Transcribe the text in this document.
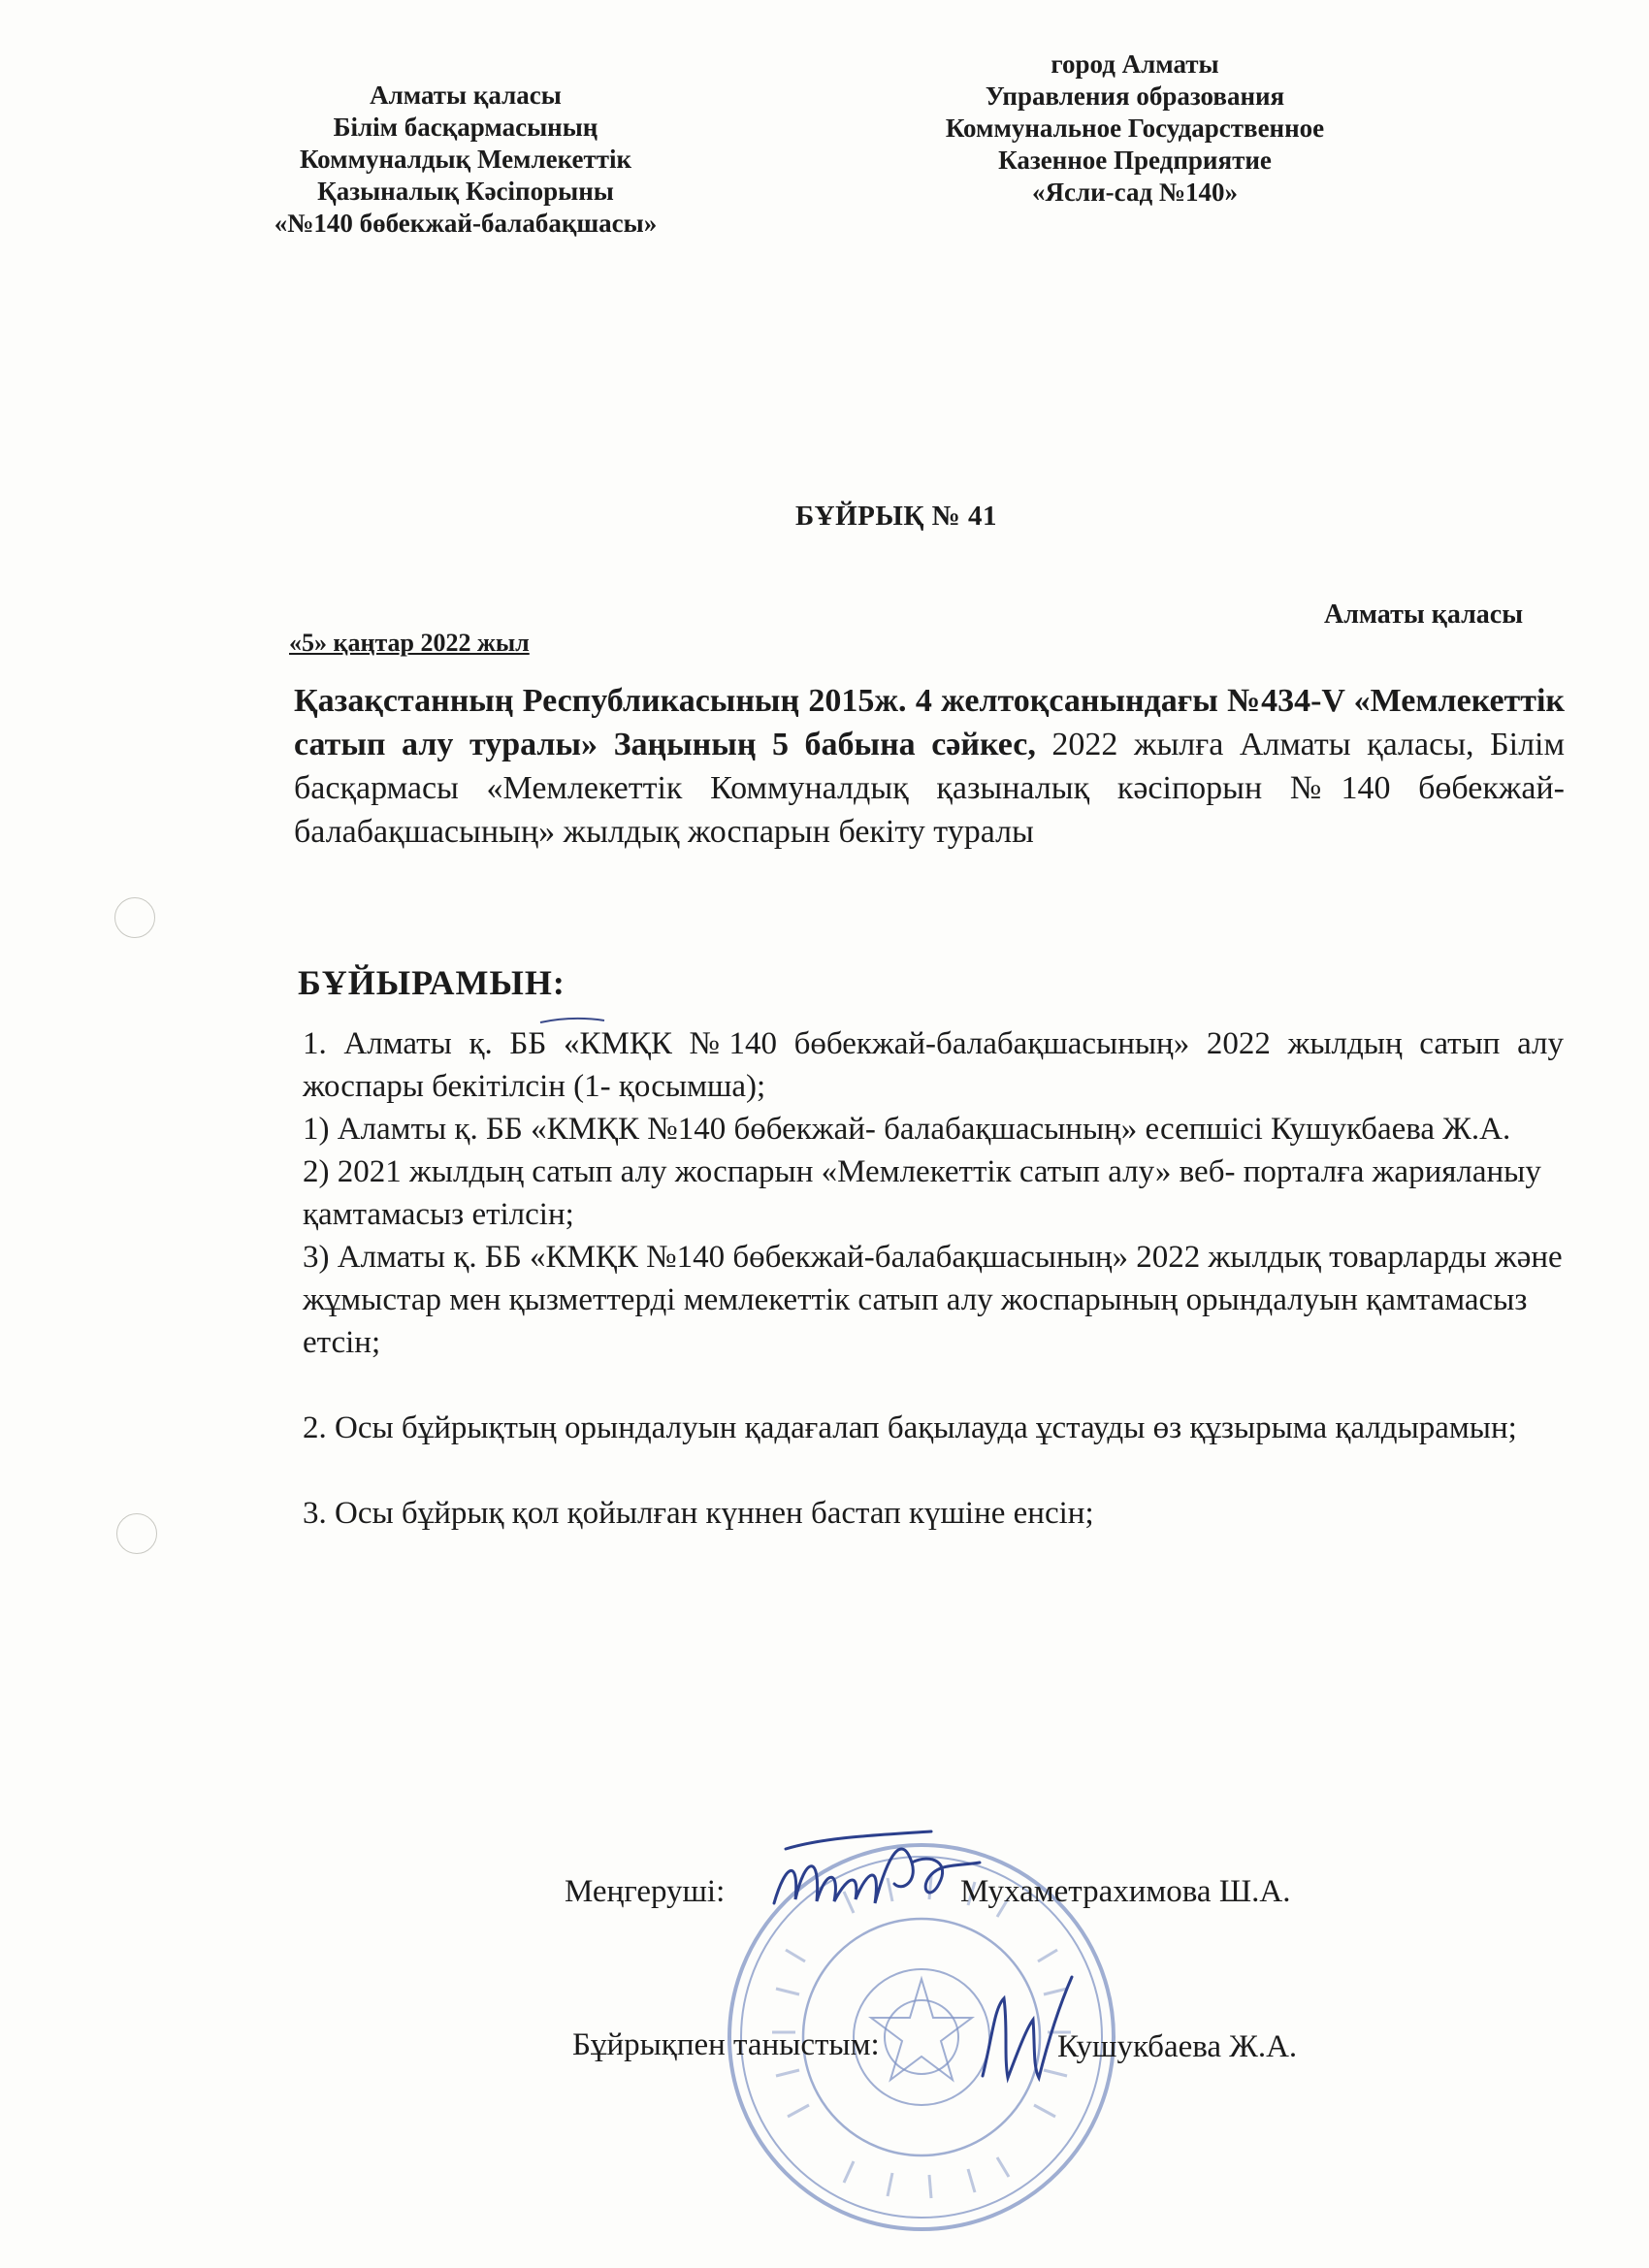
Алматы қаласы
Білім басқармасының
Коммуналдық Мемлекеттік
Қазыналық Кәсіпорыны
«№140 бөбекжай-балабақшасы»
город Алматы
Управления образования
Коммунальное Государственное
Казенное Предприятие
«Ясли-сад №140»
БҰЙРЫҚ № 41
Алматы қаласы
«5» қаңтар 2022 жыл
Қазақстанның Республикасының 2015ж. 4 желтоқсанындағы №434-V «Мемлекеттік сатып алу туралы» Заңының 5 бабына сәйкес, 2022 жылға Алматы қаласы, Білім басқармасы «Мемлекеттік Коммуналдық қазыналық кәсіпорын №140 бөбекжай- балабақшасының» жылдық жоспарын бекіту туралы
БҰЙЫРАМЫН:

1. Алматы қ. ББ «КМҚК №140 бөбекжай-балабақшасының» 2022 жылдың сатып алу жоспары бекітілсін (1- қосымша);

1) Аламты қ. ББ «КМҚК №140 бөбекжай- балабақшасының» есепшісі Кушукбаева Ж.А.

2) 2021 жылдың сатып алу жоспарын «Мемлекеттік сатып алу» веб- порталға жарияланыу қамтамасыз етілсін;

3) Алматы қ. ББ «КМҚК №140 бөбекжай-балабақшасының» 2022 жылдық товарларды және жұмыстар мен қызметтерді мемлекеттік сатып алу жоспарының орындалуын қамтамасыз етсін;

2. Осы бұйрықтың орындалуын қадағалап бақылауда ұстауды өз құзырыма қалдырамын;

3. Осы бұйрық қол қойылған күннен бастап күшіне енсін;

Меңгеруші:	Мухаметрахимова Ш.А.
Бұйрықпен таныстым:	Кушукбаева Ж.А.
